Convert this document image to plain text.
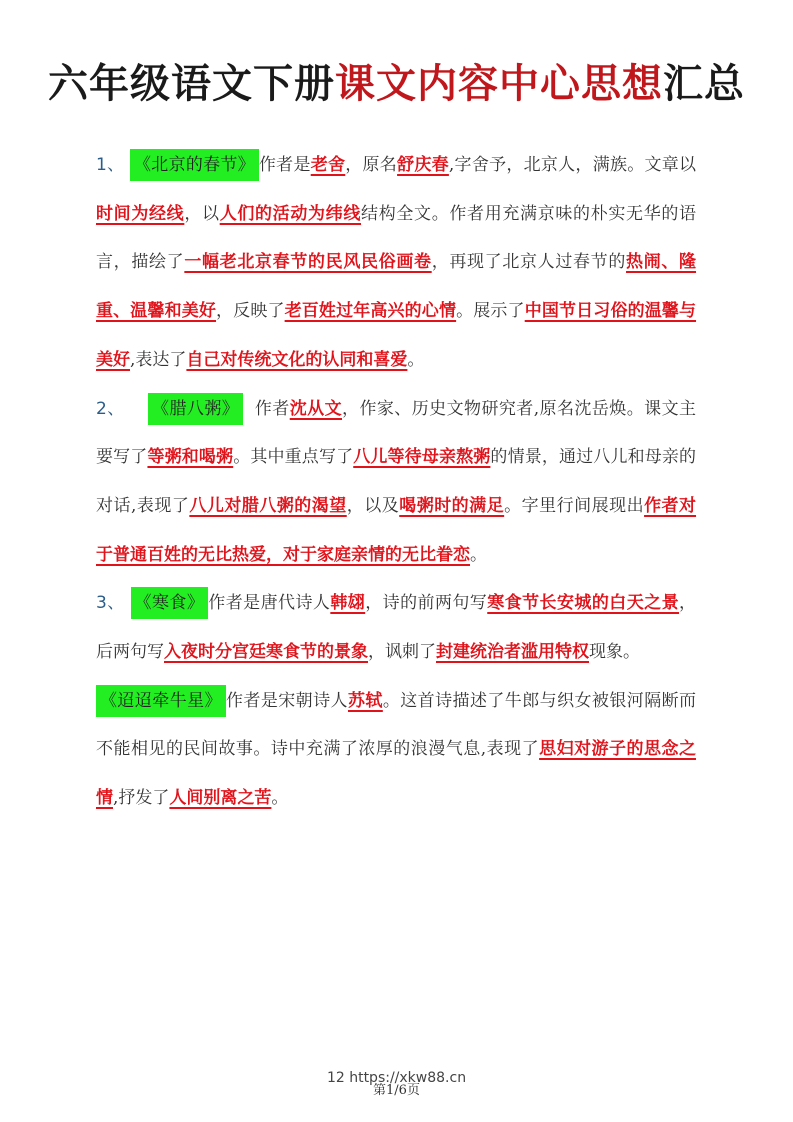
六年级语文下册课文内容中心思想汇总

1、 《北京的春节》 作者是老舍，原名舒庆春,字舍予，北京人，满族。文章以时间为经线，以人们的活动为纬线结构全文。作者用充满京味的朴实无华的语言，描绘了一幅老北京春节的民风民俗画卷，再现了北京人过春节的热闹、隆重、温馨和美好，反映了老百姓过年高兴的心情。展示了中国节日习俗的温馨与美好,表达了自己对传统文化的认同和喜爱。

2、 《腊八粥》 作者沈从文，作家、历史文物研究者,原名沈岳焕。课文主要写了等粥和喝粥。其中重点写了八儿等待母亲熬粥的情景，通过八儿和母亲的对话,表现了八儿对腊八粥的渴望，以及喝粥时的满足。字里行间展现出作者对于普通百姓的无比热爱，对于家庭亲情的无比眷恋。

3、 《寒食》 作者是唐代诗人韩翃，诗的前两句写寒食节长安城的白天之景，后两句写入夜时分宫廷寒食节的景象，讽刺了封建统治者滥用特权现象。

《迢迢牵牛星》 作者是宋朝诗人苏轼。这首诗描述了牛郎与织女被银河隔断而不能相见的民间故事。诗中充满了浓厚的浪漫气息,表现了思妇对游子的思念之情,抒发了人间别离之苦。

12 https://xkw88.cn
第1/6页
